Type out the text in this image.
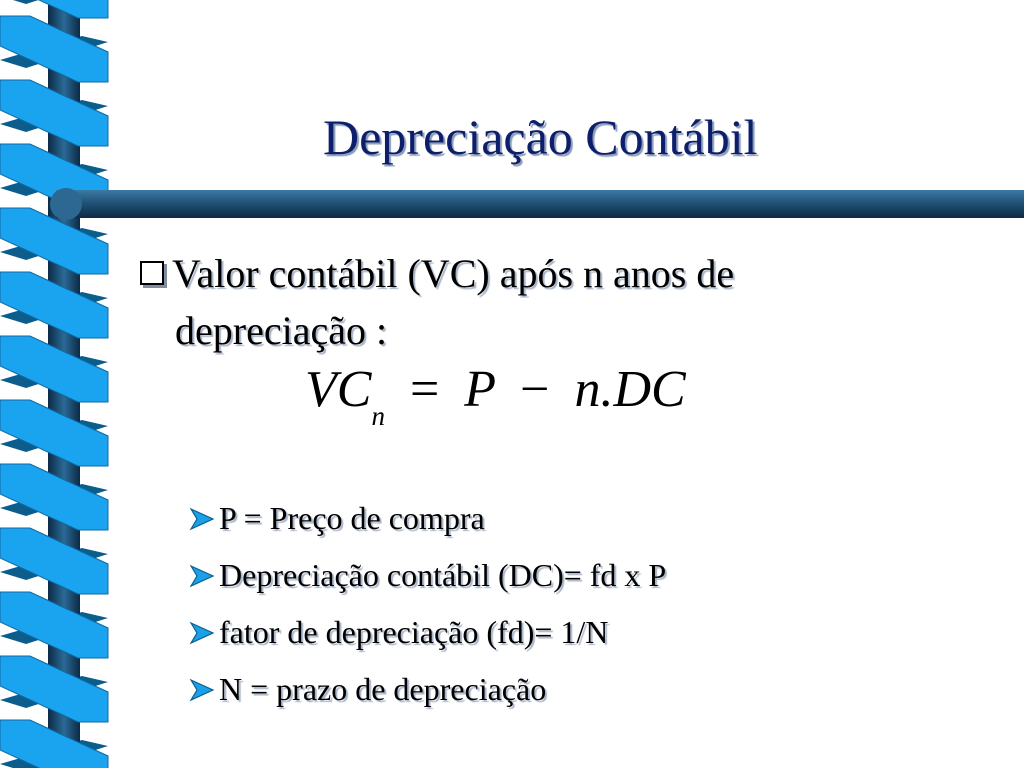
Depreciação Contábil
Valor contábil (VC) após n anos de
depreciação :
$VC_n = P - n.DC$
P = Preço de compra
Depreciação contábil (DC)= fd x P
fator de depreciação (fd)= 1/N
N = prazo de depreciação
